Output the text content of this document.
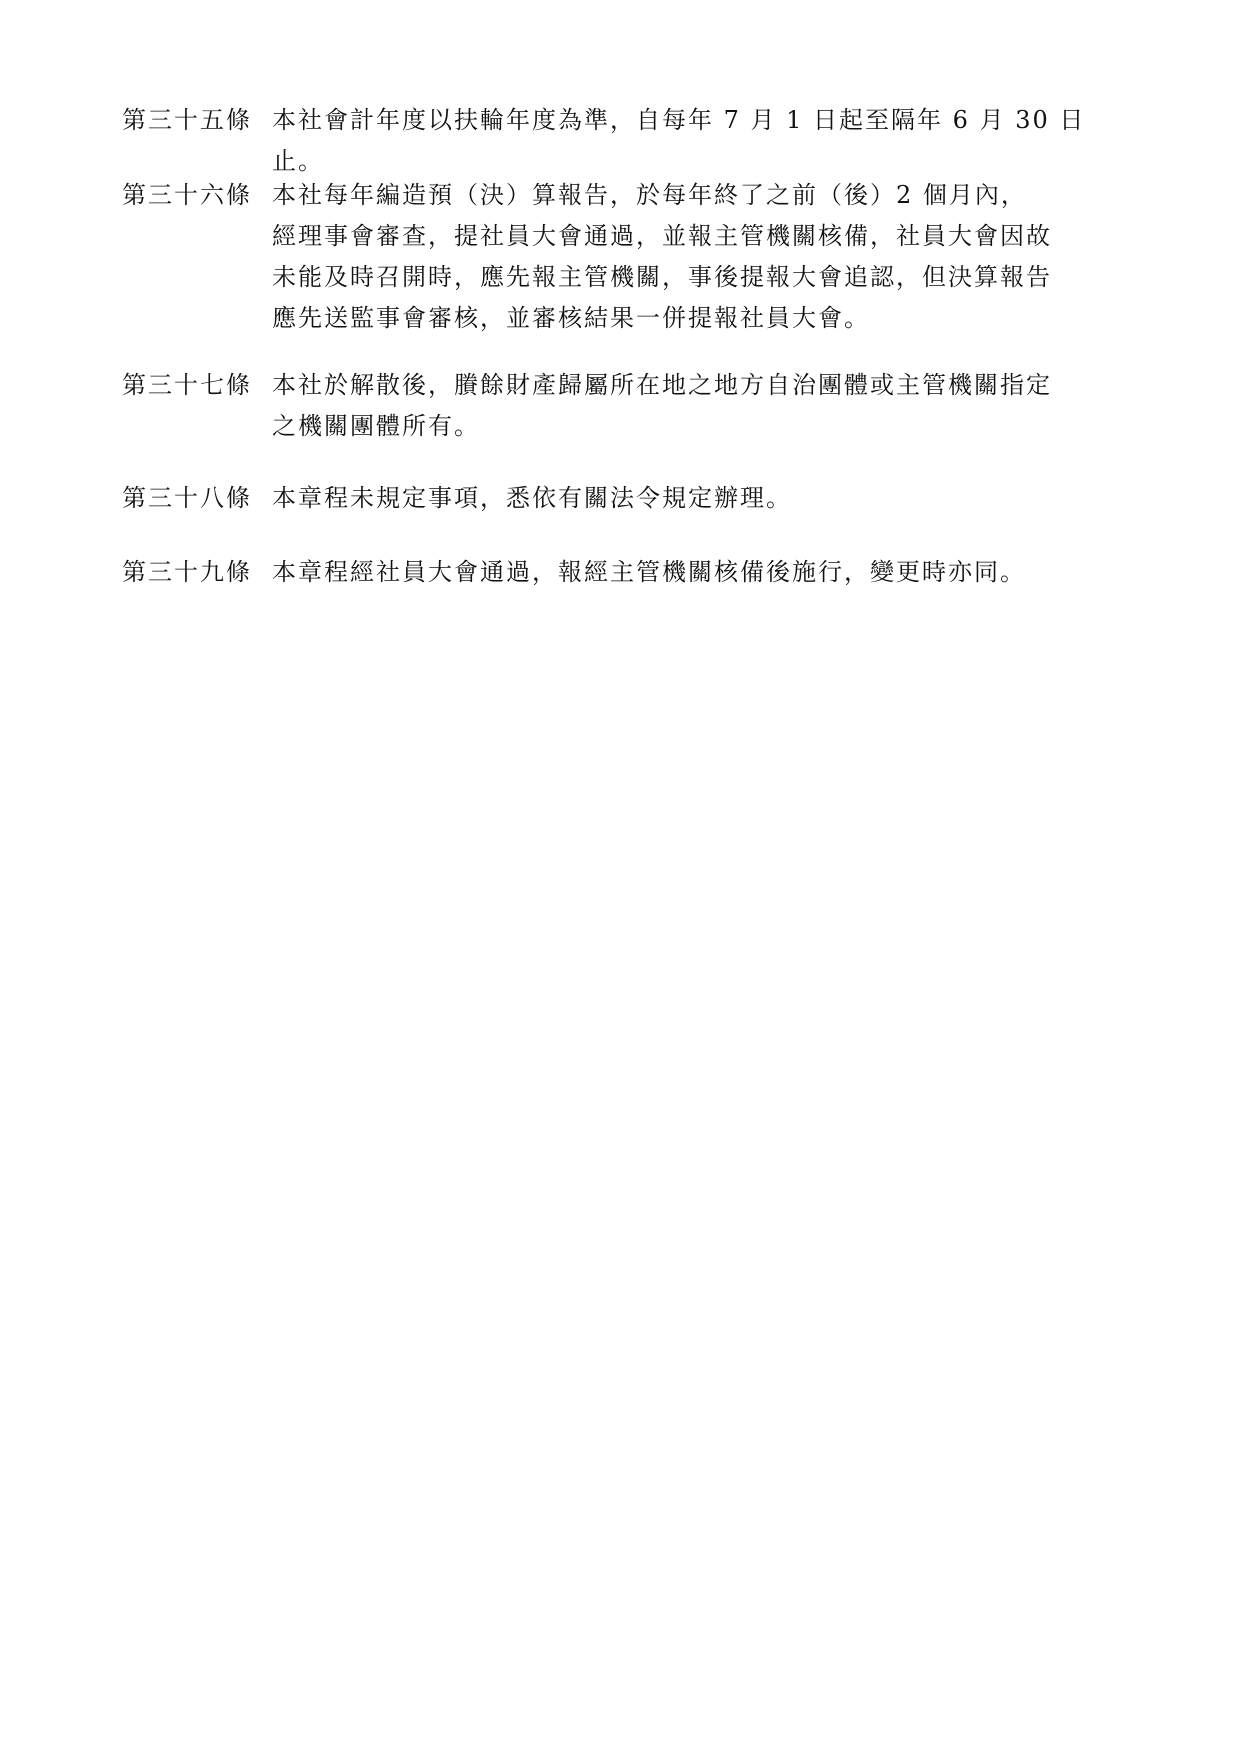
第三十五條 本社會計年度以扶輪年度為準，自每年 7 月 1 日起至隔年 6 月 30 日止。
第三十六條 本社每年編造預（決）算報告，於每年終了之前（後）2 個月內，
經理事會審查，提社員大會通過，並報主管機關核備，社員大會因故
未能及時召開時，應先報主管機關，事後提報大會追認，但決算報告
應先送監事會審核，並審核結果一併提報社員大會。
第三十七條 本社於解散後，賸餘財產歸屬所在地之地方自治團體或主管機關指定
之機關團體所有。
第三十八條 本章程未規定事項，悉依有關法令規定辦理。
第三十九條 本章程經社員大會通過，報經主管機關核備後施行，變更時亦同。
